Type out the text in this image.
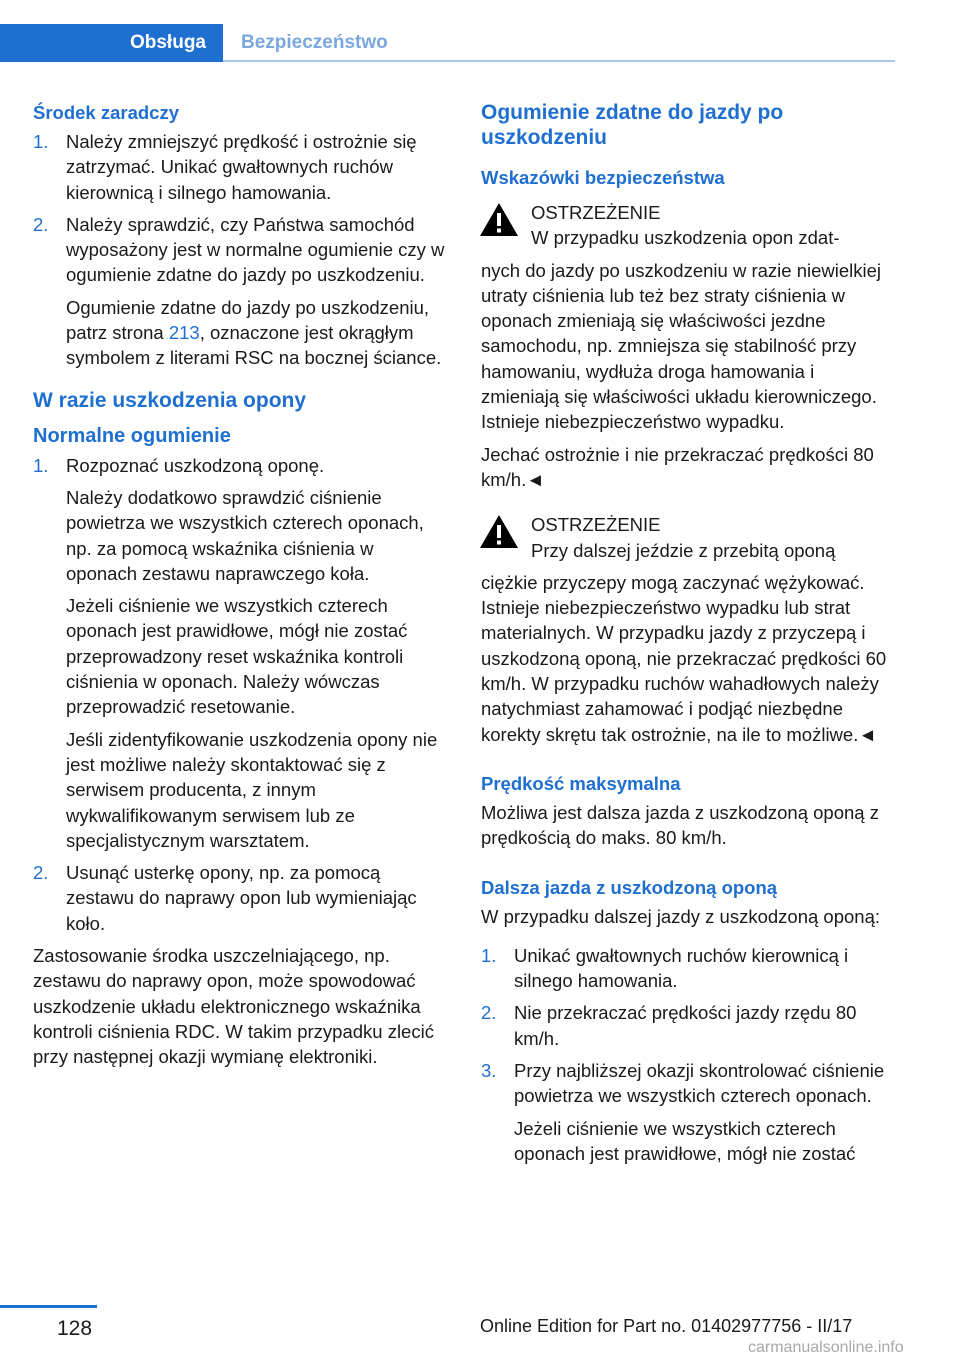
Obsługa	Bezpieczeństwo
Środek zaradczy
1. Należy zmniejszyć prędkość i ostrożnie się zatrzymać. Unikać gwałtownych ruchów kierownicą i silnego hamowania.
2. Należy sprawdzić, czy Państwa samochód wyposażony jest w normalne ogumienie czy w ogumienie zdatne do jazdy po uszkodzeniu.
Ogumienie zdatne do jazdy po uszkodzeniu, patrz strona 213, oznaczone jest okrągłym symbolem z literami RSC na bocznej ściance.
W razie uszkodzenia opony
Normalne ogumienie
1. Rozpoznać uszkodzoną oponę.
Należy dodatkowo sprawdzić ciśnienie powietrza we wszystkich czterech oponach, np. za pomocą wskaźnika ciśnienia w oponach zestawu naprawczego koła.
Jeżeli ciśnienie we wszystkich czterech oponach jest prawidłowe, mógł nie zostać przeprowadzony reset wskaźnika kontroli ciśnienia w oponach. Należy wówczas przeprowadzić resetowanie.
Jeśli zidentyfikowanie uszkodzenia opony nie jest możliwe należy skontaktować się z serwisem producenta, z innym wykwalifikowanym serwisem lub ze specjalistycznym warsztatem.
2. Usunąć usterkę opony, np. za pomocą zestawu do naprawy opon lub wymieniając koło.
Zastosowanie środka uszczelniającego, np. zestawu do naprawy opon, może spowodować uszkodzenie układu elektronicznego wskaźnika kontroli ciśnienia RDC. W takim przypadku zlecić przy następnej okazji wymianę elektroniki.
Ogumienie zdatne do jazdy po uszkodzeniu
Wskazówki bezpieczeństwa
OSTRZEŻENIE
W przypadku uszkodzenia opon zdat-
nych do jazdy po uszkodzeniu w razie niewielkiej utraty ciśnienia lub też bez straty ciśnienia w oponach zmieniają się właściwości jezdne samochodu, np. zmniejsza się stabilność przy hamowaniu, wydłuża droga hamowania i zmieniają się właściwości układu kierowniczego. Istnieje niebezpieczeństwo wypadku.
Jechać ostrożnie i nie przekraczać prędkości 80 km/h.◄
OSTRZEŻENIE
Przy dalszej jeździe z przebitą oponą
ciężkie przyczepy mogą zaczynać wężykować. Istnieje niebezpieczeństwo wypadku lub strat materialnych. W przypadku jazdy z przyczepą i uszkodzoną oponą, nie przekraczać prędkości 60 km/h. W przypadku ruchów wahadłowych należy natychmiast zahamować i podjąć niezbędne korekty skrętu tak ostrożnie, na ile to możliwe.◄
Prędkość maksymalna
Możliwa jest dalsza jazda z uszkodzoną oponą z prędkością do maks. 80 km/h.
Dalsza jazda z uszkodzoną oponą
W przypadku dalszej jazdy z uszkodzoną oponą:
1. Unikać gwałtownych ruchów kierownicą i silnego hamowania.
2. Nie przekraczać prędkości jazdy rzędu 80 km/h.
3. Przy najbliższej okazji skontrolować ciśnienie powietrza we wszystkich czterech oponach.
Jeżeli ciśnienie we wszystkich czterech oponach jest prawidłowe, mógł nie zostać
128	Online Edition for Part no. 01402977756 - II/17
carmanualsonline.info
